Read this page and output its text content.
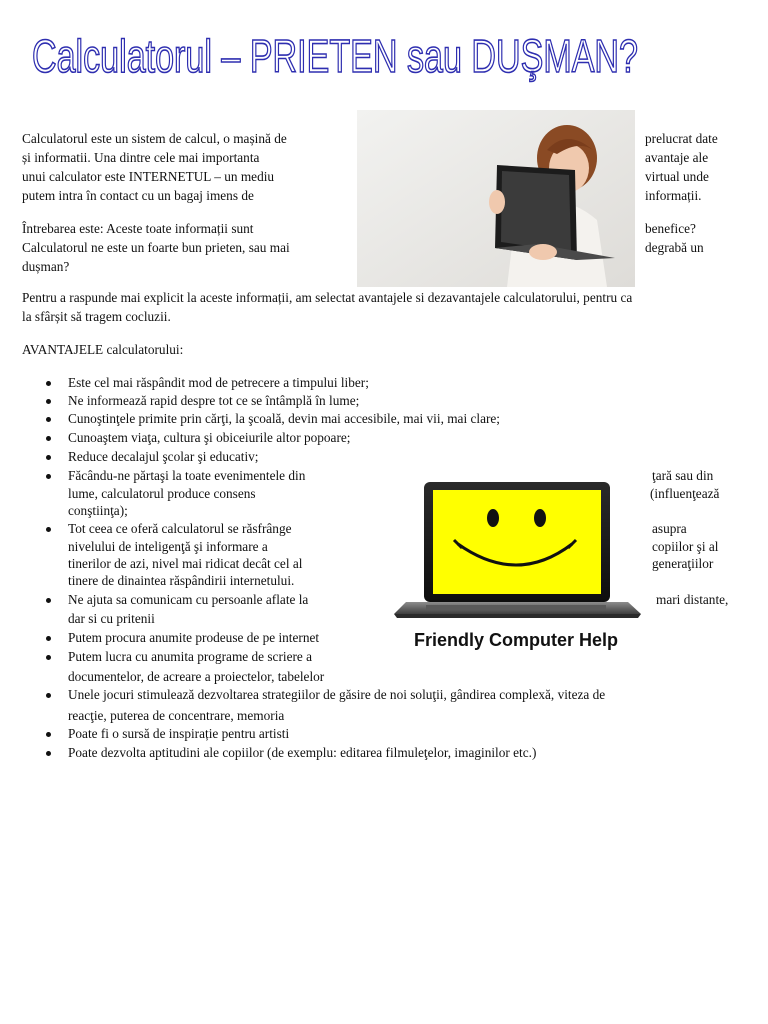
Calculatorul – PRIETEN sau DUŞMAN?
Calculatorul este un sistem de calcul, o mașină de
și informatii. Una dintre cele mai importanta
unui calculator este INTERNETUL – un mediu
putem intra în contact cu un bagaj imens de
prelucrat date
avantaje ale
virtual unde
informații.
Întrebarea este: Aceste toate informații sunt
Calculatorul ne este un foarte bun prieten, sau mai
dușman?
benefice?
degrabă un
Pentru a raspunde mai explicit la aceste informații, am selectat avantajele si dezavantajele calculatorului, pentru ca
la sfârșit să tragem cocluzii.
AVANTAJELE calculatorului:
Este cel mai răspândit mod de petrecere a timpului liber;
Ne informează rapid despre tot ce se întâmplă în lume;
Cunoştinţele primite prin cărţi, la şcoală, devin mai accesibile, mai vii, mai clare;
Cunoaştem viaţa, cultura şi obiceiurile altor popoare;
Reduce decalajul şcolar şi educativ;
Făcându-ne părtaşi la toate evenimentele din	ţară sau din
lume, calculatorul produce consens	(influenţează
conştiinţa);
Tot ceea ce oferă calculatorul se răsfrânge	asupra
nivelului de inteligenţă şi informare a	copiilor şi al
tinerilor de azi, nivel mai ridicat decât cel al	generaţiilor
tinere de dinaintea răspândirii internetului.
Ne ajuta sa comunicam cu persoanle aflate la	mari distante,
dar si cu pritenii
Putem procura anumite prodeuse de pe internet
Putem lucra cu anumita programe de scriere a
documentelor, de acreare a proiectelor, tabelelor
Unele jocuri stimulează dezvoltarea strategiilor de găsire de noi soluţii, gândirea complexă, viteza de
reacţie, puterea de concentrare, memoria
Poate fi o sursă de inspirație pentru artisti
Poate dezvolta aptitudini ale copiilor (de exemplu: editarea filmuleţelor, imaginilor etc.)
Friendly Computer Help
